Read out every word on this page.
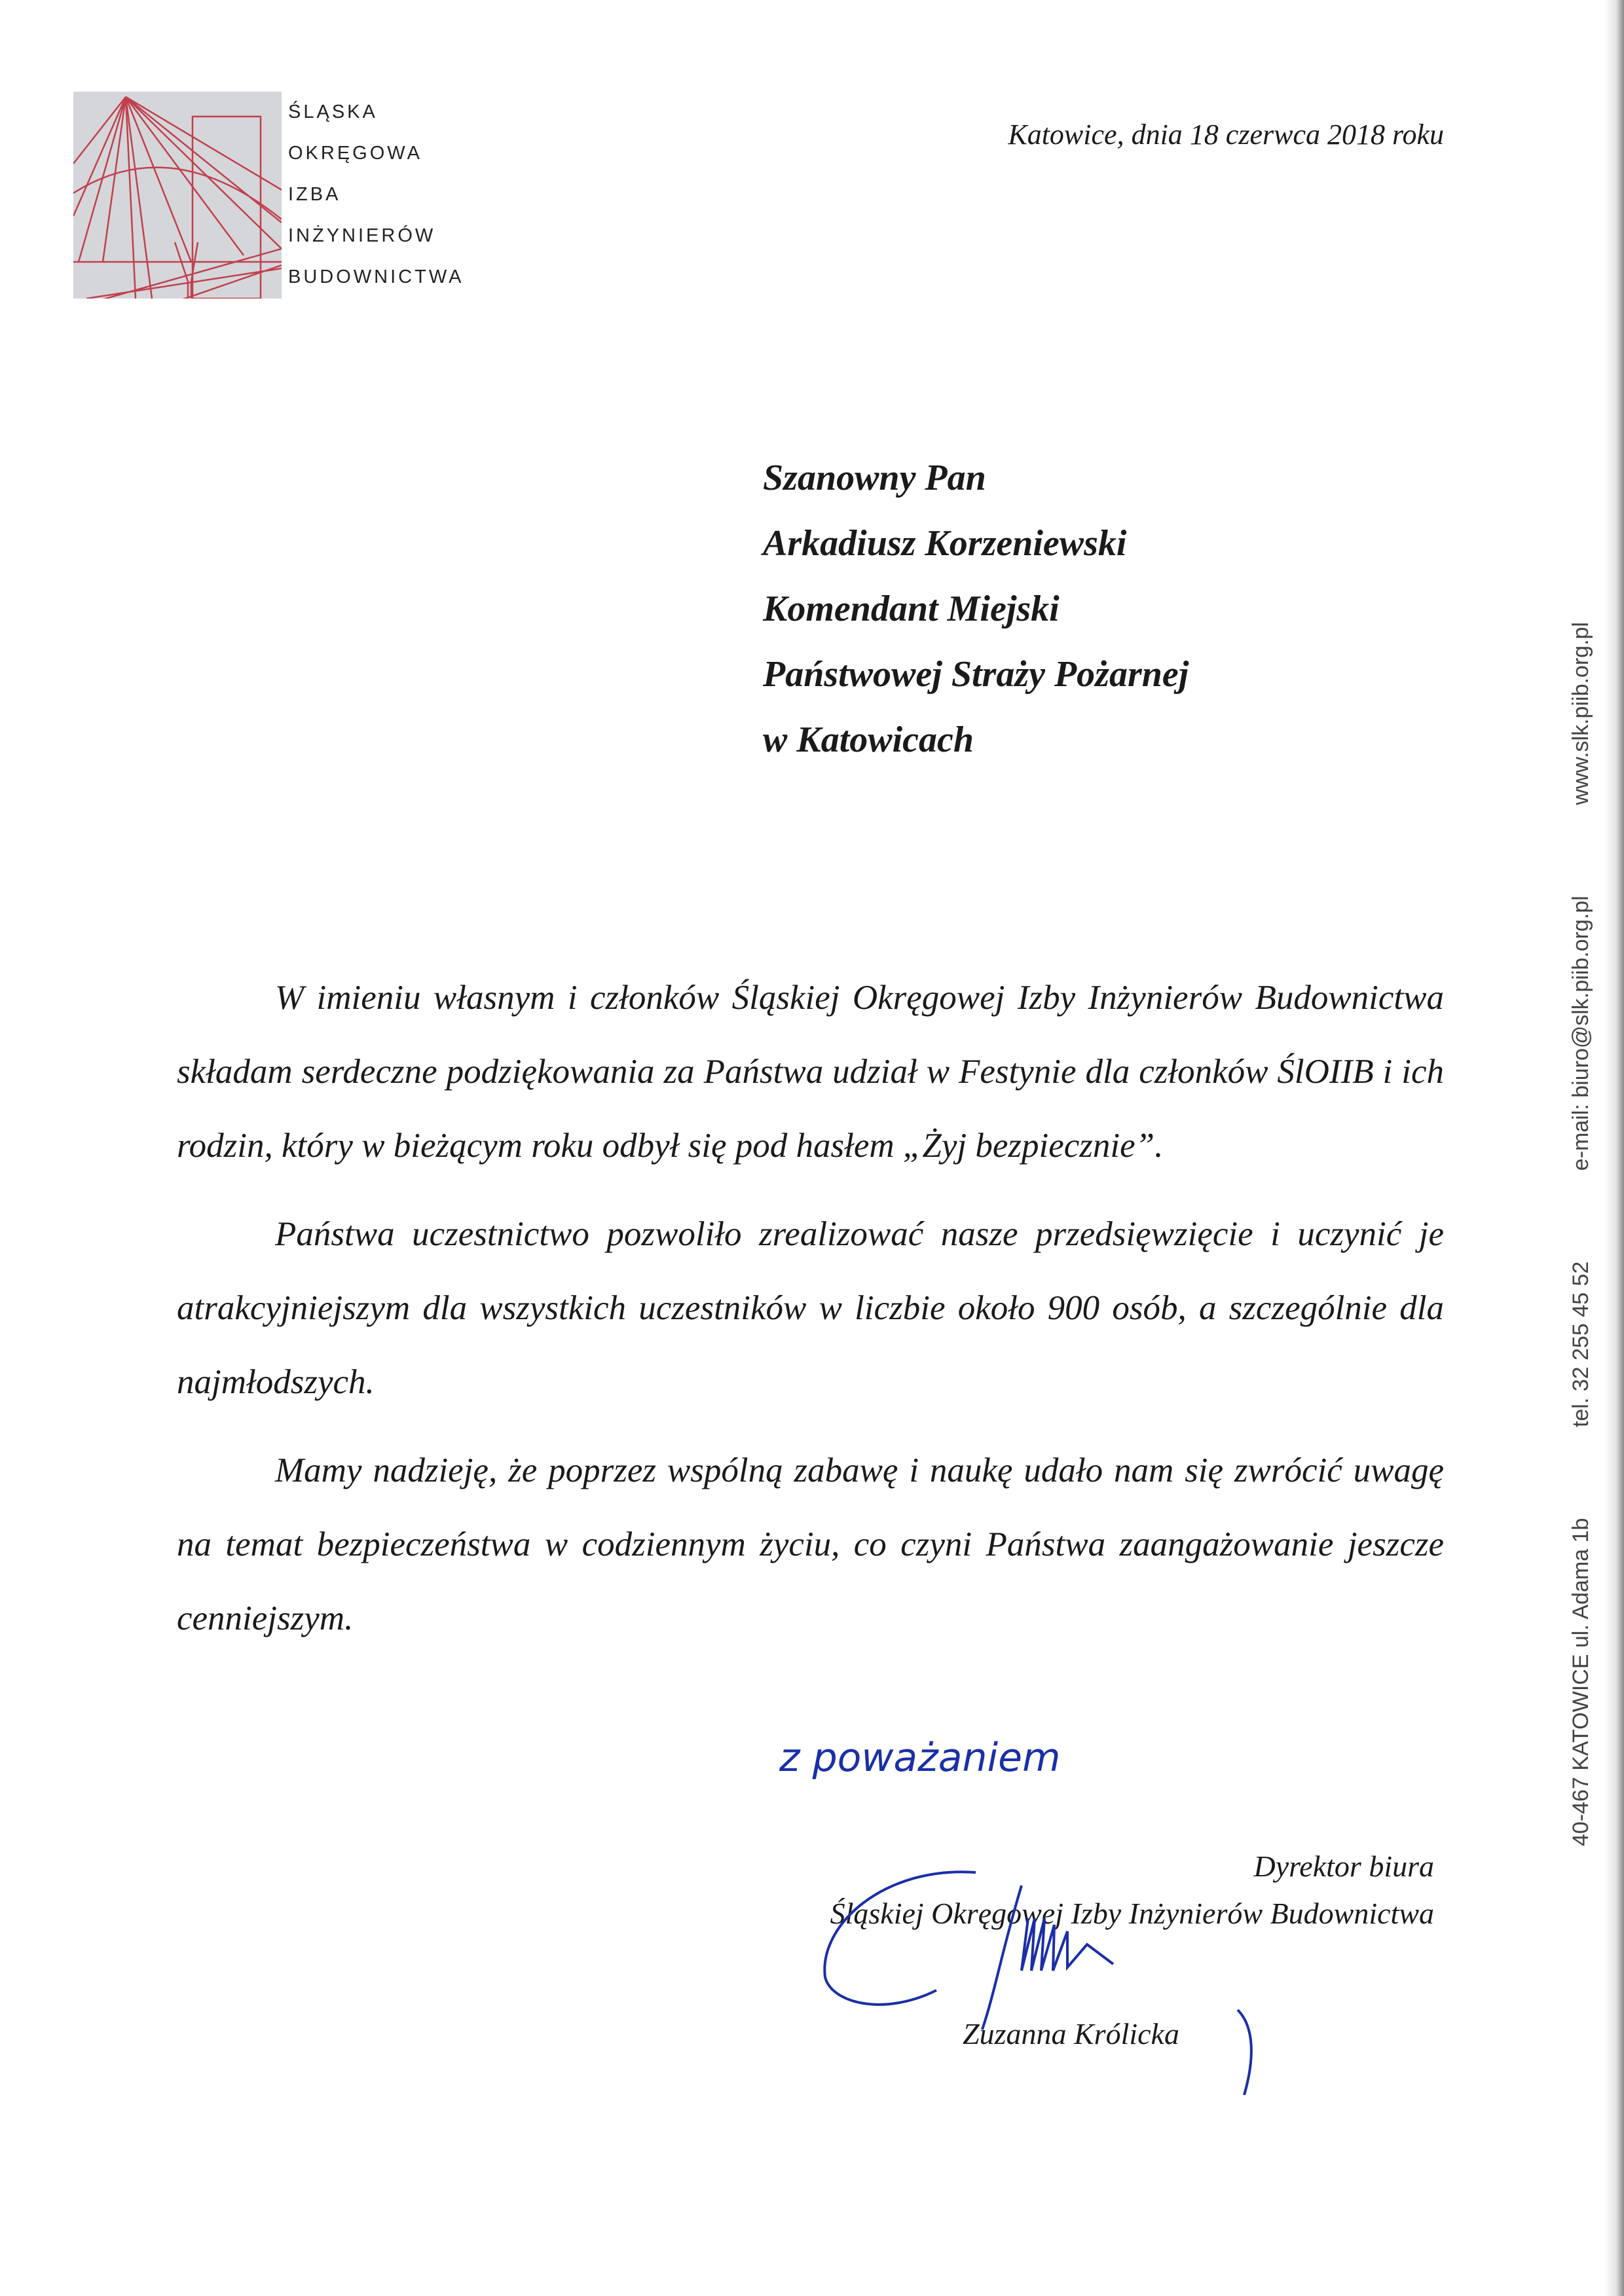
ŚLĄSKA
OKRĘGOWA
IZBA
INŻYNIERÓW
BUDOWNICTWA
Katowice, dnia 18 czerwca 2018 roku
Szanowny Pan
Arkadiusz Korzeniewski
Komendant Miejski
Państwowej Straży Pożarnej
w Katowicach

W imieniu własnym i członków Śląskiej Okręgowej Izby Inżynierów Budownictwa składam serdeczne podziękowania za Państwa udział w Festynie dla członków ŚlOIIB i ich rodzin, który w bieżącym roku odbył się pod hasłem „Żyj bezpiecznie”.

Państwa uczestnictwo pozwoliło zrealizować nasze przedsięwzięcie i uczynić je atrakcyjniejszym dla wszystkich uczestników w liczbie około 900 osób, a szczególnie dla najmłodszych.

Mamy nadzieję, że poprzez wspólną zabawę i naukę udało nam się zwrócić uwagę na temat bezpieczeństwa w codziennym życiu, co czyni Państwa zaangażowanie jeszcze cenniejszym.

z poważaniem
Dyrektor biura
Śląskiej Okręgowej Izby Inżynierów Budownictwa
Zuzanna Królicka
40-467 KATOWICE ul. Adama 1b
tel. 32 255 45 52
e-mail: biuro@slk.piib.org.pl
www.slk.piib.org.pl
